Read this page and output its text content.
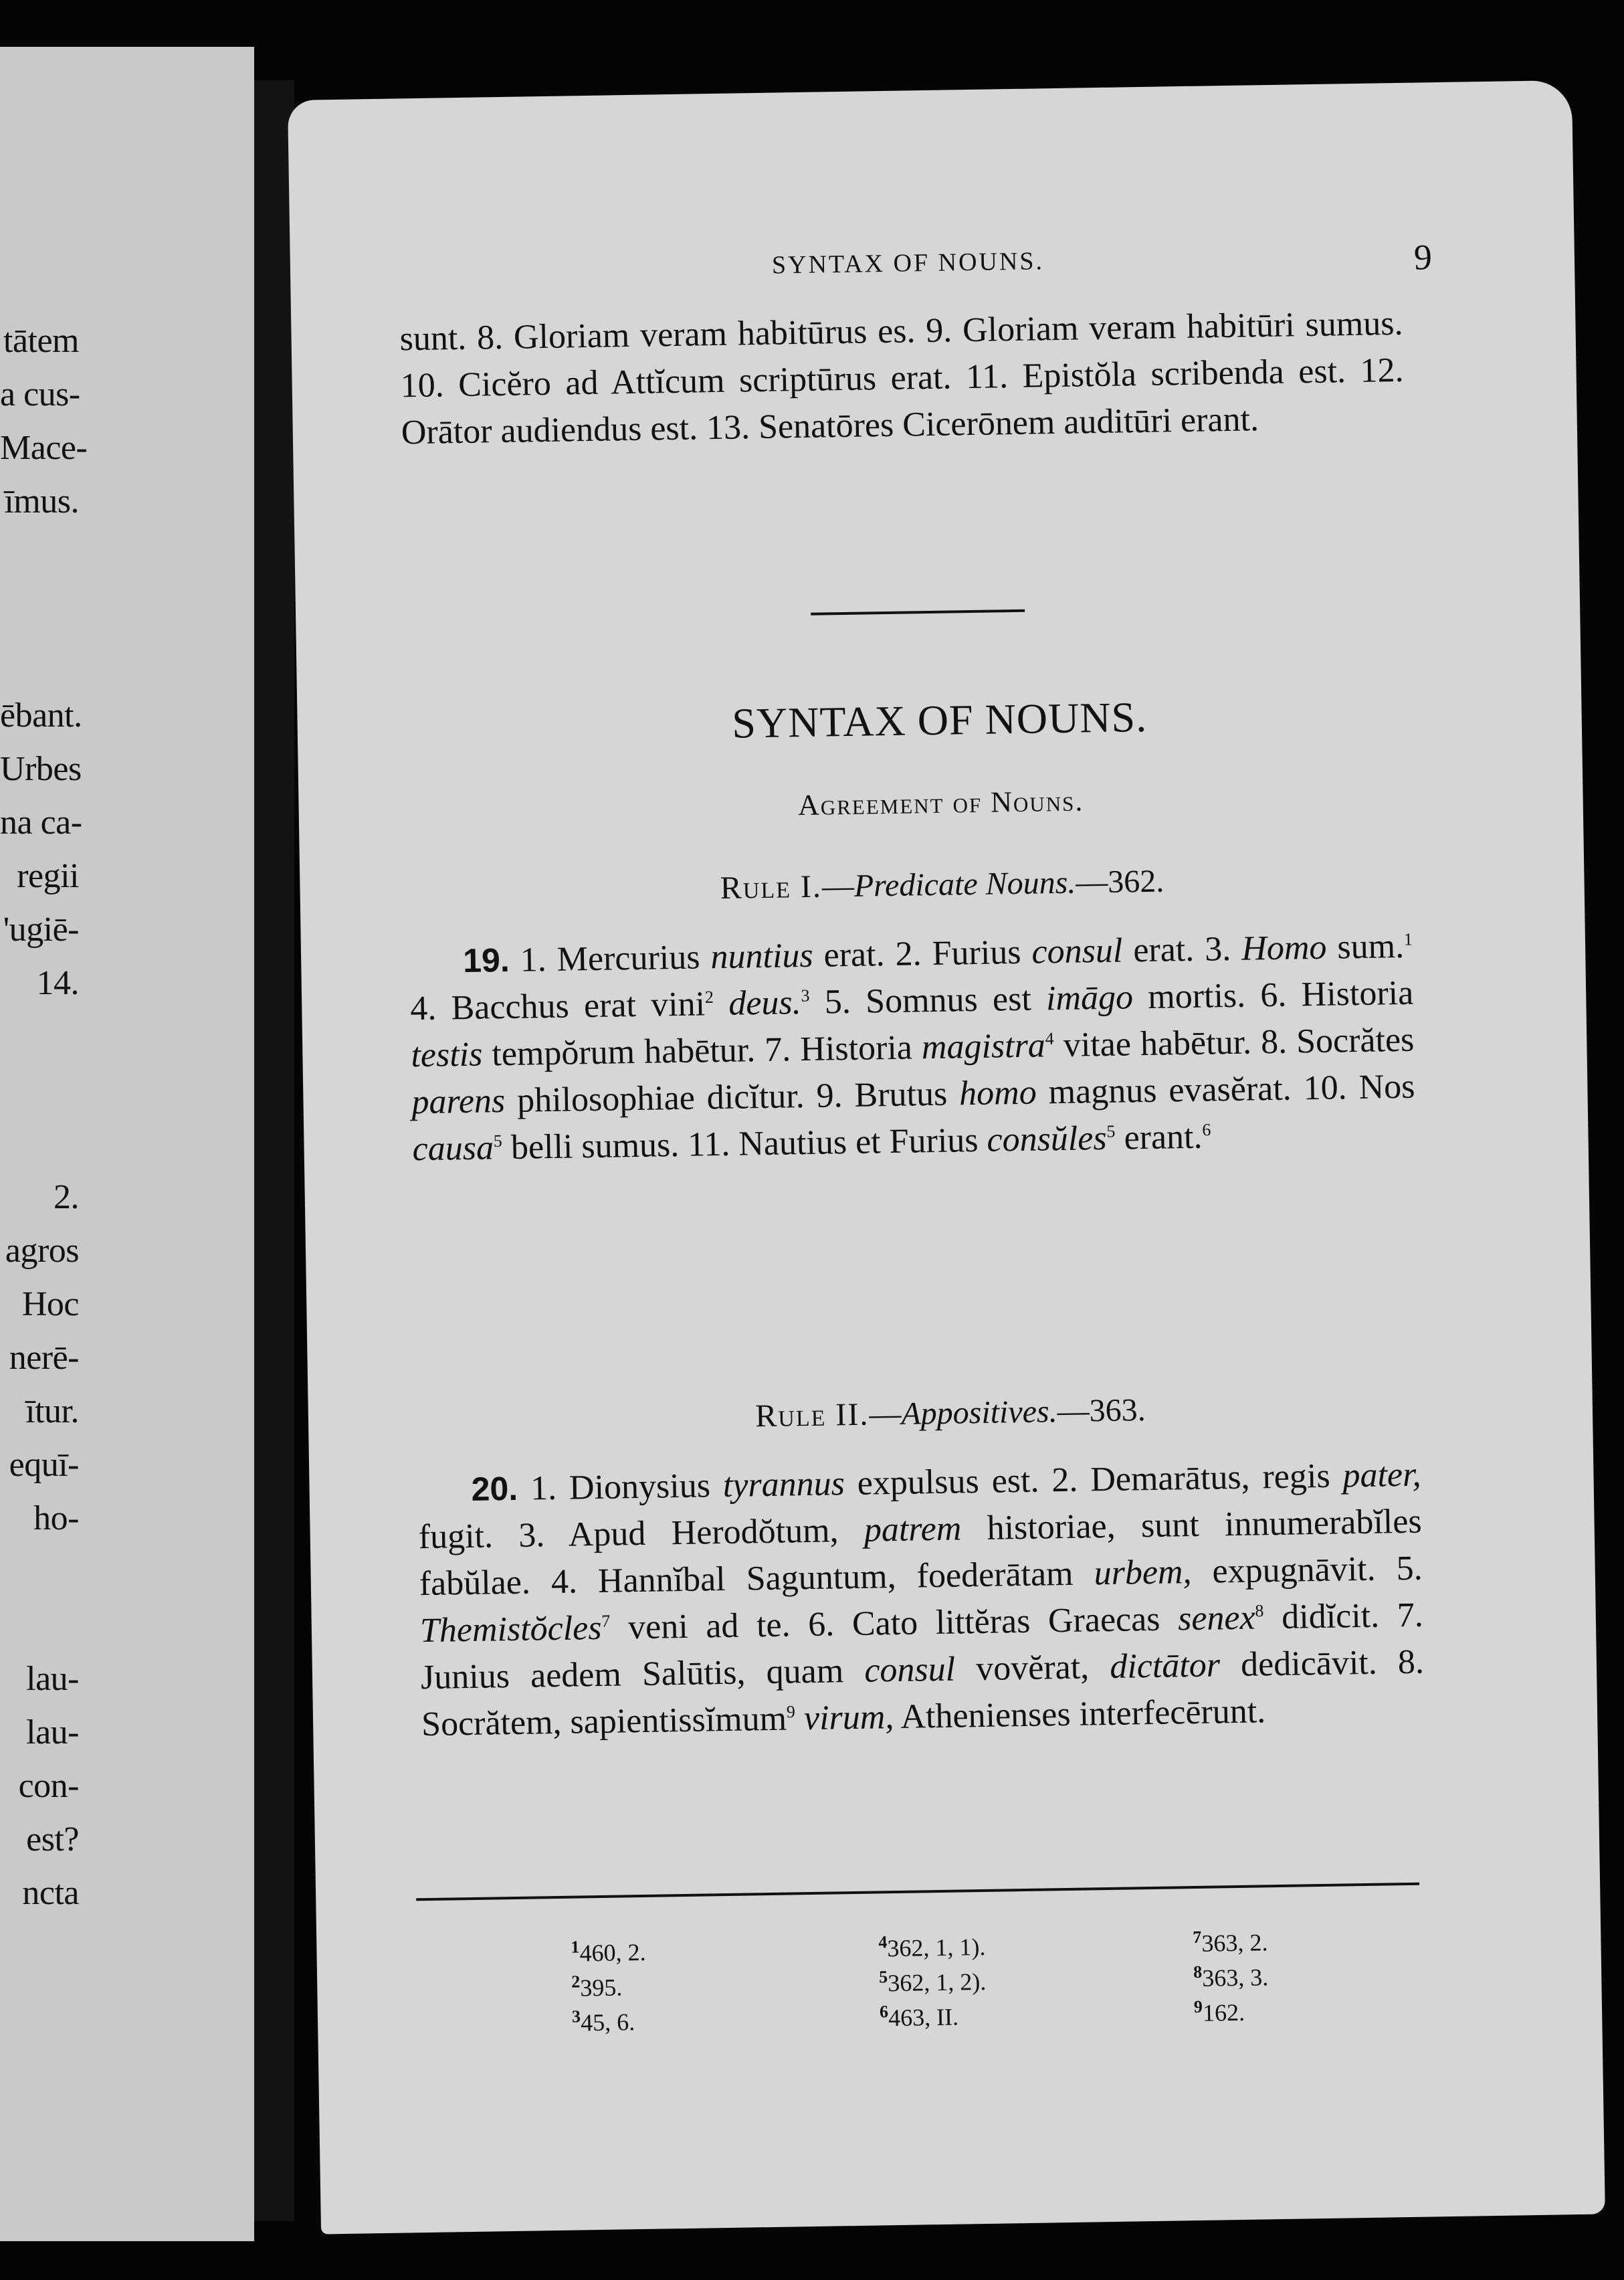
tātem
a cus-
Mace-
īmus.
ēbant.
Urbes
na ca-
regii
'ugiē-
14.
2.
agros
Hoc
nerē-
ītur.
equī-
ho-
lau-
lau-
con-
est?
ncta
SYNTAX OF NOUNS.	9
sunt. 8. Gloriam veram habitūrus es. 9. Gloriam veram habitūri sumus. 10. Cicĕro ad Attĭcum scriptūrus erat. 11. Epistŏla scribenda est. 12. Orātor audiendus est. 13. Senatōres Cicerōnem auditūri erant.
SYNTAX OF NOUNS.
Agreement of Nouns.
Rule I.—Predicate Nouns.—362.
19. 1. Mercurius nuntius erat. 2. Furius consul erat. 3. Homo sum.$^1$ 4. Bacchus erat vini$^2$ deus.$^3$ 5. Somnus est imāgo mortis. 6. Historia testis tempŏrum habētur. 7. Historia magistra$^4$ vitae habētur. 8. Socrătes parens philosophiae dicĭtur. 9. Brutus homo magnus evasĕrat. 10. Nos causa$^5$ belli sumus. 11. Nautius et Furius consŭles$^5$ erant.$^6$
Rule II.—Appositives.—363.
20. 1. Dionysius tyrannus expulsus est. 2. Demarātus, regis pater, fugit. 3. Apud Herodŏtum, patrem historiae, sunt innumerabĭles fabŭlae. 4. Hannĭbal Saguntum, foederātam urbem, expugnāvit. 5. Themistŏcles$^7$ veni ad te. 6. Cato littĕras Graecas senex$^8$ didĭcit. 7. Junius aedem Salūtis, quam consul vovĕrat, dictātor dedicāvit. 8. Socrătem, sapientissĭmum$^9$ virum, Athenienses interfecērunt.
$^1$460, 2.
$^2$395.
$^3$45, 6.
$^4$362, 1, 1).
$^5$362, 1, 2).
$^6$463, II.
$^7$363, 2.
$^8$363, 3.
$^9$162.
